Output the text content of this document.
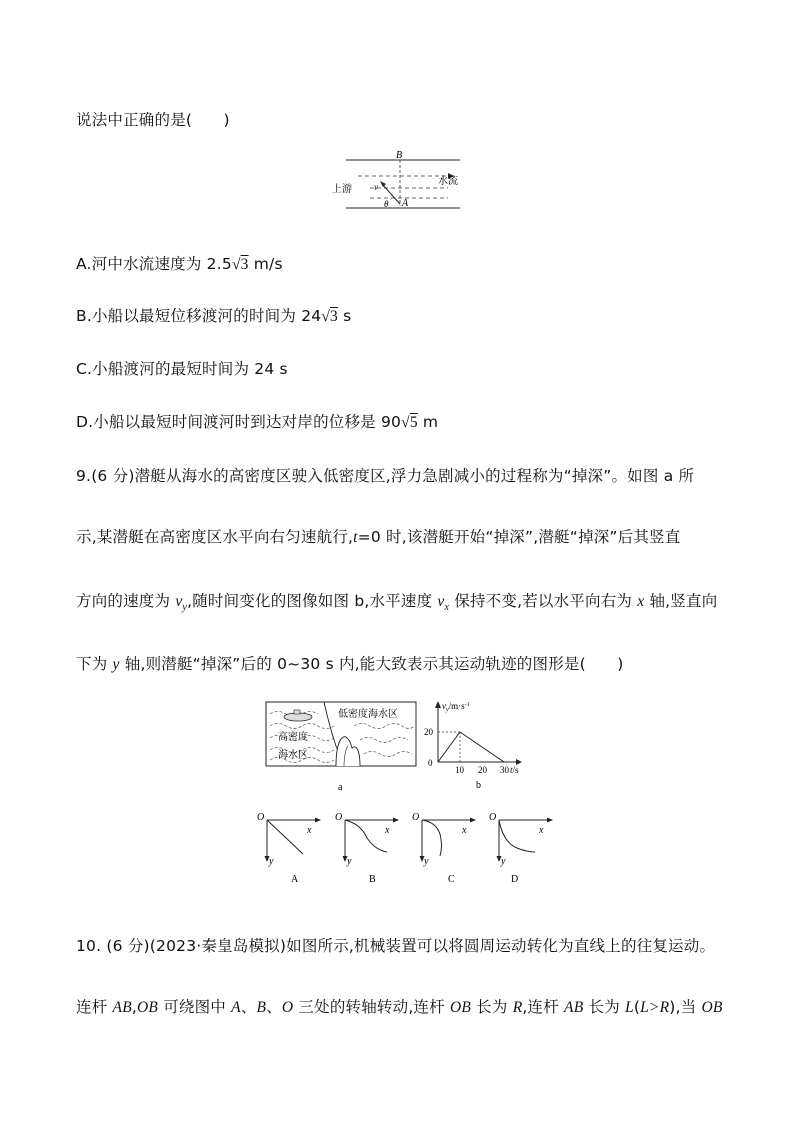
说法中正确的是(　　)
B
A
上游
水流
v
θ
A.河中水流速度为 2.5√3 m/s
B.小船以最短位移渡河的时间为 24√3 s
C.小船渡河的最短时间为 24 s
D.小船以最短时间渡河时到达对岸的位移是 90√5 m
9.(6 分)潜艇从海水的高密度区驶入低密度区,浮力急剧减小的过程称为“掉深”。如图 a 所
示,某潜艇在高密度区水平向右匀速航行,t=0 时,该潜艇开始“掉深”,潜艇“掉深”后其竖直
方向的速度为 $v_y$,随时间变化的图像如图 b,水平速度 $v_x$ 保持不变,若以水平向右为 x 轴,竖直向
下为 y 轴,则潜艇“掉深”后的 0~30 s 内,能大致表示其运动轨迹的图形是(　　)
低密度海水区
高密度
海水区
a
$v_y/m\cdot s^{-1}$
20
0
10 20 30 t/s
b
O
x
y
A
O
x
y
B
O
x
y
C
O
x
y
D
10. (6 分)(2023·秦皇岛模拟)如图所示,机械装置可以将圆周运动转化为直线上的往复运动。
连杆 AB,OB 可绕图中 A、B、O 三处的转轴转动,连杆 OB 长为 R,连杆 AB 长为 L(L>R),当 OB
